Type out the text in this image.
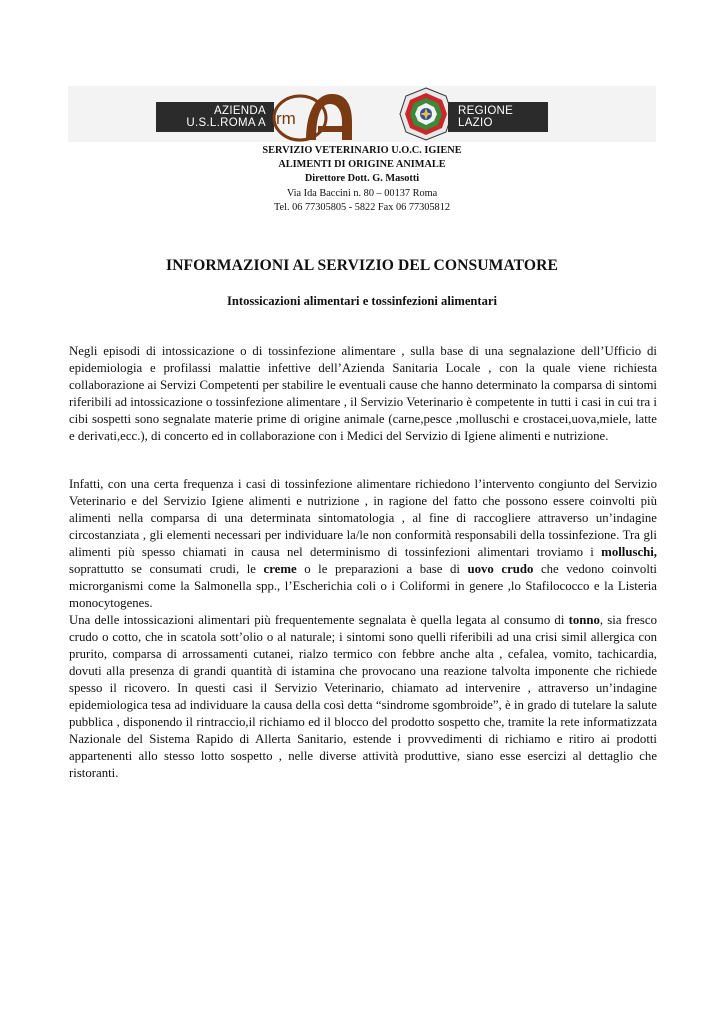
AZIENDA
U.S.L.ROMA A rm	REGIONE
LAZIO
SERVIZIO VETERINARIO U.O.C. IGIENE
ALIMENTI DI ORIGINE ANIMALE
Direttore Dott. G. Masotti
Via Ida Baccini n. 80 – 00137 Roma
Tel. 06 77305805 - 5822 Fax 06 77305812
INFORMAZIONI AL SERVIZIO DEL CONSUMATORE
Intossicazioni alimentari e tossinfezioni alimentari

Negli episodi di intossicazione o di tossinfezione alimentare , sulla base di una segnalazione dell’Ufficio di epidemiologia e profilassi malattie infettive dell’Azienda Sanitaria Locale , con la quale viene richiesta collaborazione ai Servizi Competenti per stabilire le eventuali cause che hanno determinato la comparsa di sintomi riferibili ad intossicazione o tossinfezione alimentare , il Servizio Veterinario è competente in tutti i casi in cui tra i cibi sospetti sono segnalate materie prime di origine animale (carne,pesce ,molluschi e crostacei,uova,miele, latte e derivati,ecc.), di concerto ed in collaborazione con i Medici del Servizio di Igiene alimenti e nutrizione.

Infatti, con una certa frequenza i casi di tossinfezione alimentare richiedono l’intervento congiunto del Servizio Veterinario e del Servizio Igiene alimenti e nutrizione , in ragione del fatto che possono essere coinvolti più alimenti nella comparsa di una determinata sintomatologia , al fine di raccogliere attraverso un’indagine circostanziata , gli elementi necessari per individuare la/le non conformità responsabili della tossinfezione. Tra gli alimenti più spesso chiamati in causa nel determinismo di tossinfezioni alimentari troviamo i molluschi, soprattutto se consumati crudi, le creme o le preparazioni a base di uovo crudo che vedono coinvolti microrganismi come la Salmonella spp., l’Escherichia coli o i Coliformi in genere ,lo Stafilococco e la Listeria monocytogenes.

Una delle intossicazioni alimentari più frequentemente segnalata è quella legata al consumo di tonno, sia fresco crudo o cotto, che in scatola sott’olio o al naturale; i sintomi sono quelli riferibili ad una crisi simil allergica con prurito, comparsa di arrossamenti cutanei, rialzo termico con febbre anche alta , cefalea, vomito, tachicardia, dovuti alla presenza di grandi quantità di istamina che provocano una reazione talvolta imponente che richiede spesso il ricovero. In questi casi il Servizio Veterinario, chiamato ad intervenire , attraverso un’indagine epidemiologica tesa ad individuare la causa della così detta “sindrome sgombroide”, è in grado di tutelare la salute pubblica , disponendo il rintraccio,il richiamo ed il blocco del prodotto sospetto che, tramite la rete informatizzata Nazionale del Sistema Rapido di Allerta Sanitario, estende i provvedimenti di richiamo e ritiro ai prodotti appartenenti allo stesso lotto sospetto , nelle diverse attività produttive, siano esse esercizi al dettaglio che ristoranti.
